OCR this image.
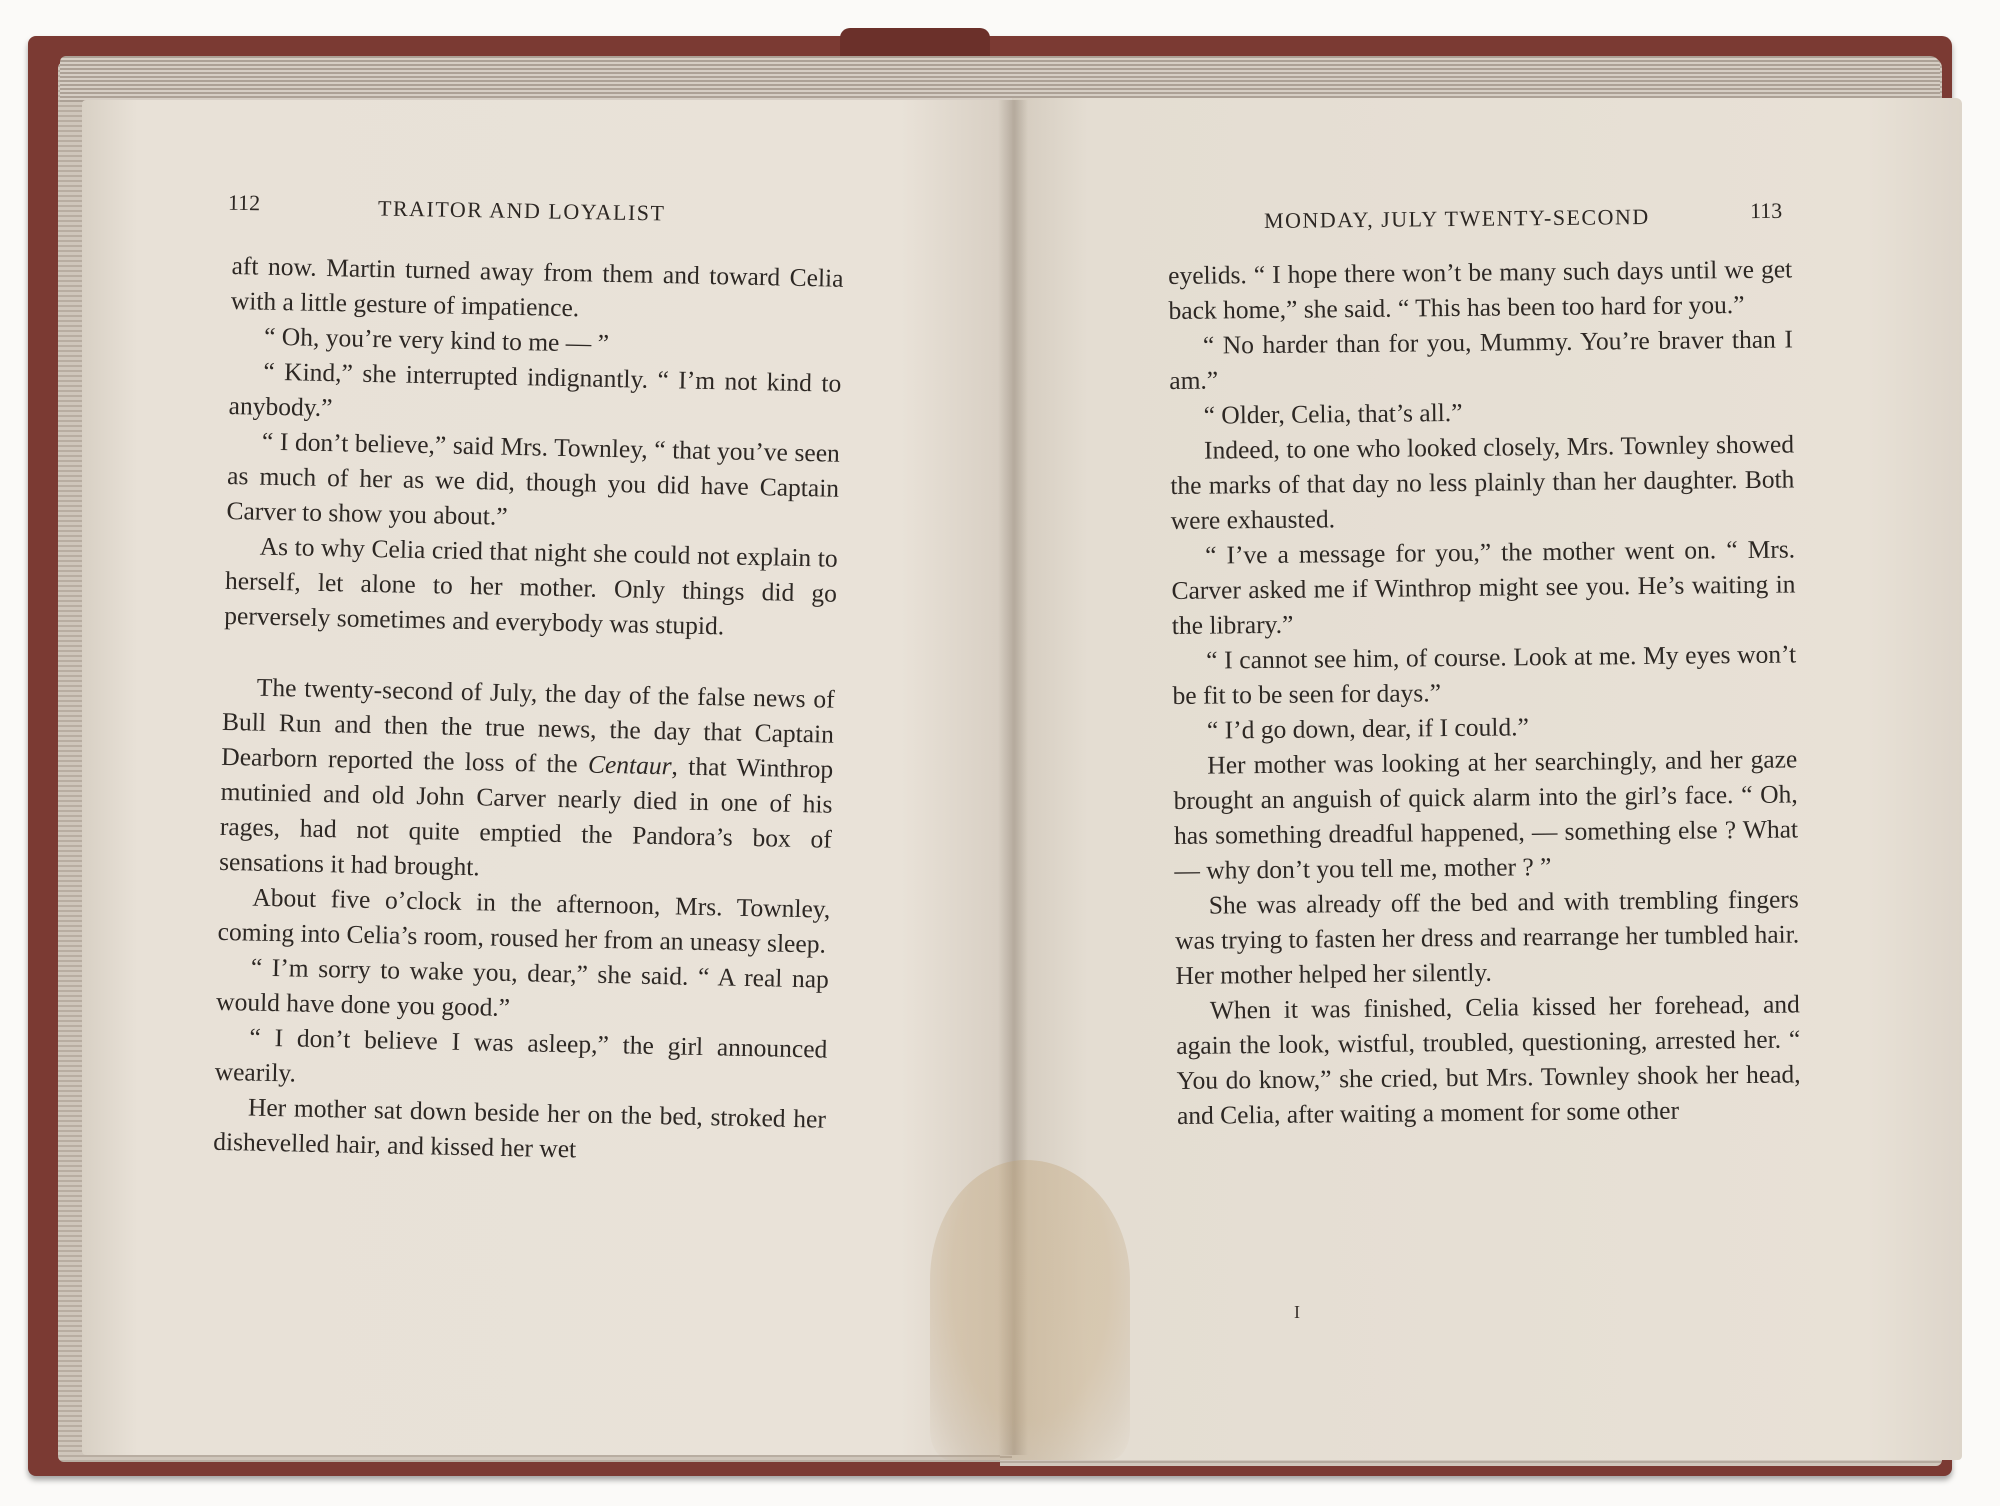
112	TRAITOR AND LOYALIST

aft now. Martin turned away from them and toward Celia with a little gesture of impatience.

“ Oh, you’re very kind to me — ”

“ Kind,” she interrupted indignantly. “ I’m not kind to anybody.”

“ I don’t believe,” said Mrs. Townley, “ that you’ve seen as much of her as we did, though you did have Captain Carver to show you about.”

As to why Celia cried that night she could not explain to herself, let alone to her mother. Only things did go perversely sometimes and everybody was stupid.

The twenty-second of July, the day of the false news of Bull Run and then the true news, the day that Captain Dearborn reported the loss of the Centaur, that Winthrop mutinied and old John Carver nearly died in one of his rages, had not quite emptied the Pandora’s box of sensations it had brought.

About five o’clock in the afternoon, Mrs. Townley, coming into Celia’s room, roused her from an uneasy sleep.

“ I’m sorry to wake you, dear,” she said. “ A real nap would have done you good.”

“ I don’t believe I was asleep,” the girl announced wearily.

Her mother sat down beside her on the bed, stroked her dishevelled hair, and kissed her wet

MONDAY, JULY TWENTY-SECOND	113

eyelids. “ I hope there won’t be many such days until we get back home,” she said. “ This has been too hard for you.”

“ No harder than for you, Mummy. You’re braver than I am.”

“ Older, Celia, that’s all.”

Indeed, to one who looked closely, Mrs. Townley showed the marks of that day no less plainly than her daughter. Both were exhausted.

“ I’ve a message for you,” the mother went on. “ Mrs. Carver asked me if Winthrop might see you. He’s waiting in the library.”

“ I cannot see him, of course. Look at me. My eyes won’t be fit to be seen for days.”

“ I’d go down, dear, if I could.”

Her mother was looking at her searchingly, and her gaze brought an anguish of quick alarm into the girl’s face. “ Oh, has something dreadful happened, — something else ? What — why don’t you tell me, mother ? ”

She was already off the bed and with trembling fingers was trying to fasten her dress and rearrange her tumbled hair. Her mother helped her silently.

When it was finished, Celia kissed her forehead, and again the look, wistful, troubled, questioning, arrested her. “ You do know,” she cried, but Mrs. Townley shook her head, and Celia, after waiting a moment for some other

I
